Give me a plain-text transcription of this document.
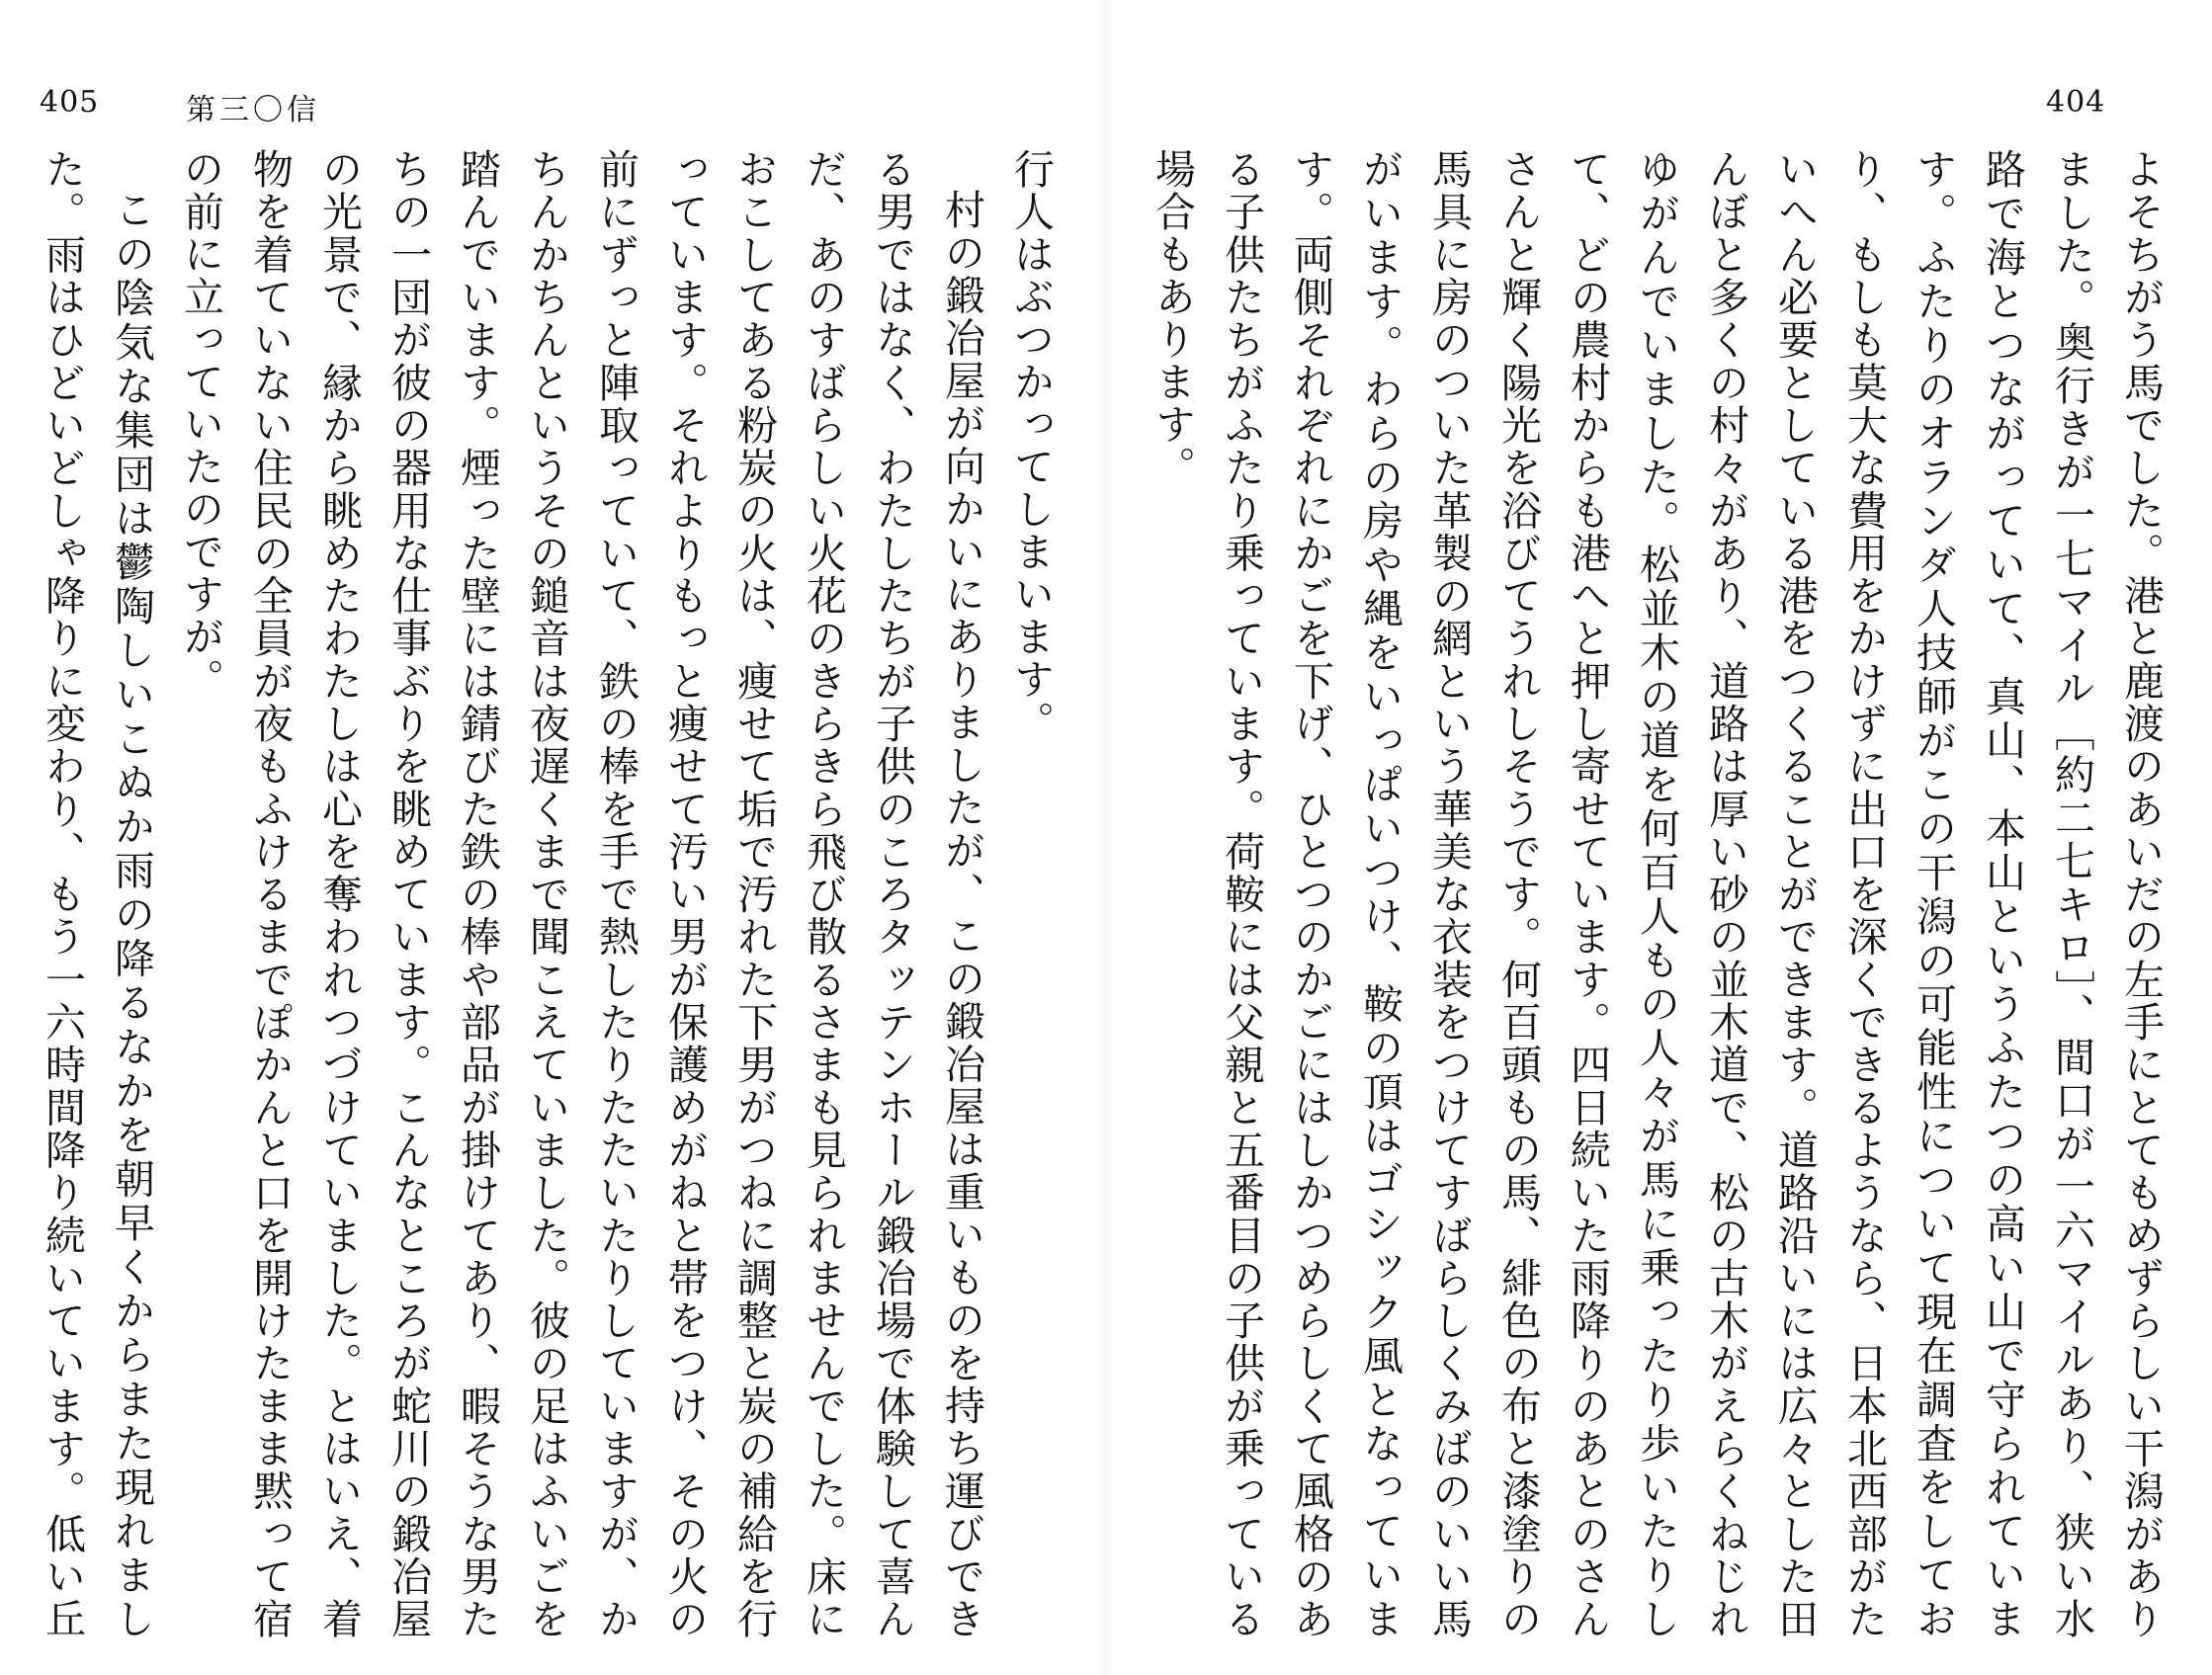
405	第三〇信

行人はぶつかってしまいます。

村の鍛冶屋が向かいにありましたが、この鍛冶屋は重いものを持ち運びできる男ではなく、わたしたちが子供のころタッテンホール鍛冶場で体験して喜んだ、あのすばらしい火花のきらきら飛び散るさまも見られませんでした。床におこしてある粉炭の火は、痩せて垢で汚れた下男がつねに調整と炭の補給を行っています。それよりもっと痩せて汚い男が保護めがねと帯をつけ、その火の前にずっと陣取っていて、鉄の棒を手で熱したりたたいたりしていますが、かちんかちんというその鎚音は夜遅くまで聞こえていました。彼の足はふいごを踏んでいます。煙った壁には錆びた鉄の棒や部品が掛けてあり、暇そうな男たちの一団が彼の器用な仕事ぶりを眺めています。こんなところが蛇川の鍛冶屋の光景で、縁から眺めたわたしは心を奪われつづけていました。とはいえ、着物を着ていない住民の全員が夜もふけるまでぽかんと口を開けたまま黙って宿の前に立っていたのですが。

この陰気な集団は鬱陶しいこぬか雨の降るなかを朝早くからまた現れました。雨はひどいどしゃ降りに変わり、もう一六時間降り続いています。低い丘

404

よそちがう馬でした。港と鹿渡のあいだの左手にとてもめずらしい干潟がありました。奥行きが一七マイル［約二七キロ］、間口が一六マイルあり、狭い水路で海とつながっていて、真山、本山というふたつの高い山で守られています。ふたりのオランダ人技師がこの干潟の可能性について現在調査をしており、もしも莫大な費用をかけずに出口を深くできるようなら、日本北西部がたいへん必要としている港をつくることができます。道路沿いには広々とした田んぼと多くの村々があり、道路は厚い砂の並木道で、松の古木がえらくねじれゆがんでいました。松並木の道を何百人もの人々が馬に乗ったり歩いたりして、どの農村からも港へと押し寄せています。四日続いた雨降りのあとのさんさんと輝く陽光を浴びてうれしそうです。何百頭もの馬、緋色の布と漆塗りの馬具に房のついた革製の網という華美な衣装をつけてすばらしくみばのいい馬がいます。わらの房や縄をいっぱいつけ、鞍の頂はゴシック風となっています。両側それぞれにかごを下げ、ひとつのかごにはしかつめらしくて風格のある子供たちがふたり乗っています。荷鞍には父親と五番目の子供が乗っている場合もあります。
